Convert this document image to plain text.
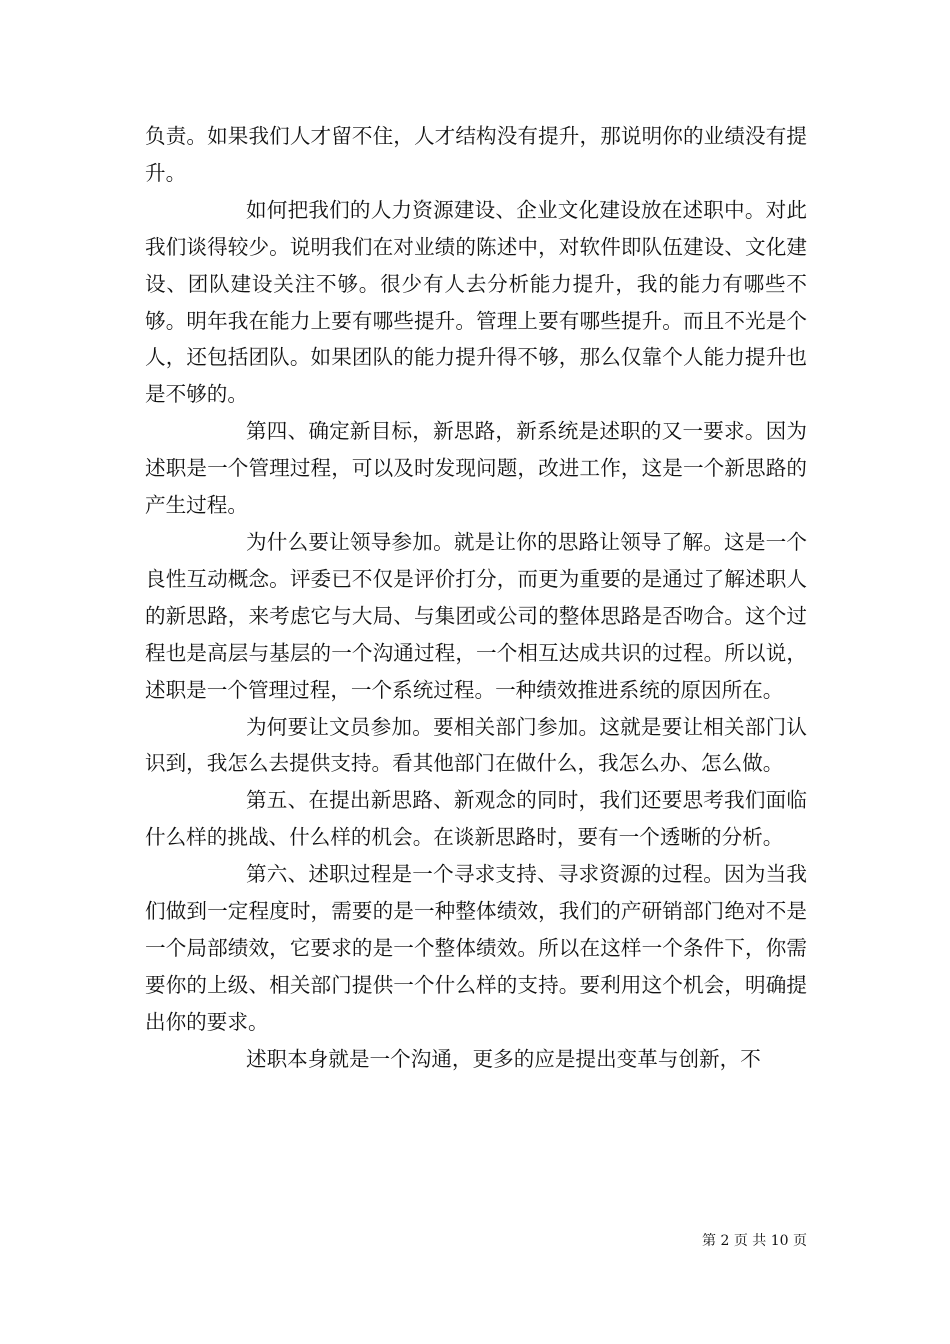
负责。如果我们人才留不住，人才结构没有提升，那说明你的业绩没有提升。

如何把我们的人力资源建设、企业文化建设放在述职中。对此我们谈得较少。说明我们在对业绩的陈述中，对软件即队伍建设、文化建设、团队建设关注不够。很少有人去分析能力提升，我的能力有哪些不够。明年我在能力上要有哪些提升。管理上要有哪些提升。而且不光是个人，还包括团队。如果团队的能力提升得不够，那么仅靠个人能力提升也是不够的。

第四、确定新目标，新思路，新系统是述职的又一要求。因为述职是一个管理过程，可以及时发现问题，改进工作，这是一个新思路的产生过程。

为什么要让领导参加。就是让你的思路让领导了解。这是一个良性互动概念。评委已不仅是评价打分，而更为重要的是通过了解述职人的新思路，来考虑它与大局、与集团或公司的整体思路是否吻合。这个过程也是高层与基层的一个沟通过程，一个相互达成共识的过程。所以说，述职是一个管理过程，一个系统过程。一种绩效推进系统的原因所在。

为何要让文员参加。要相关部门参加。这就是要让相关部门认识到，我怎么去提供支持。看其他部门在做什么，我怎么办、怎么做。

第五、在提出新思路、新观念的同时，我们还要思考我们面临什么样的挑战、什么样的机会。在谈新思路时，要有一个透晰的分析。

第六、述职过程是一个寻求支持、寻求资源的过程。因为当我们做到一定程度时，需要的是一种整体绩效，我们的产研销部门绝对不是一个局部绩效，它要求的是一个整体绩效。所以在这样一个条件下，你需要你的上级、相关部门提供一个什么样的支持。要利用这个机会，明确提出你的要求。

述职本身就是一个沟通，更多的应是提出变革与创新，不

第 2 页 共 10 页
